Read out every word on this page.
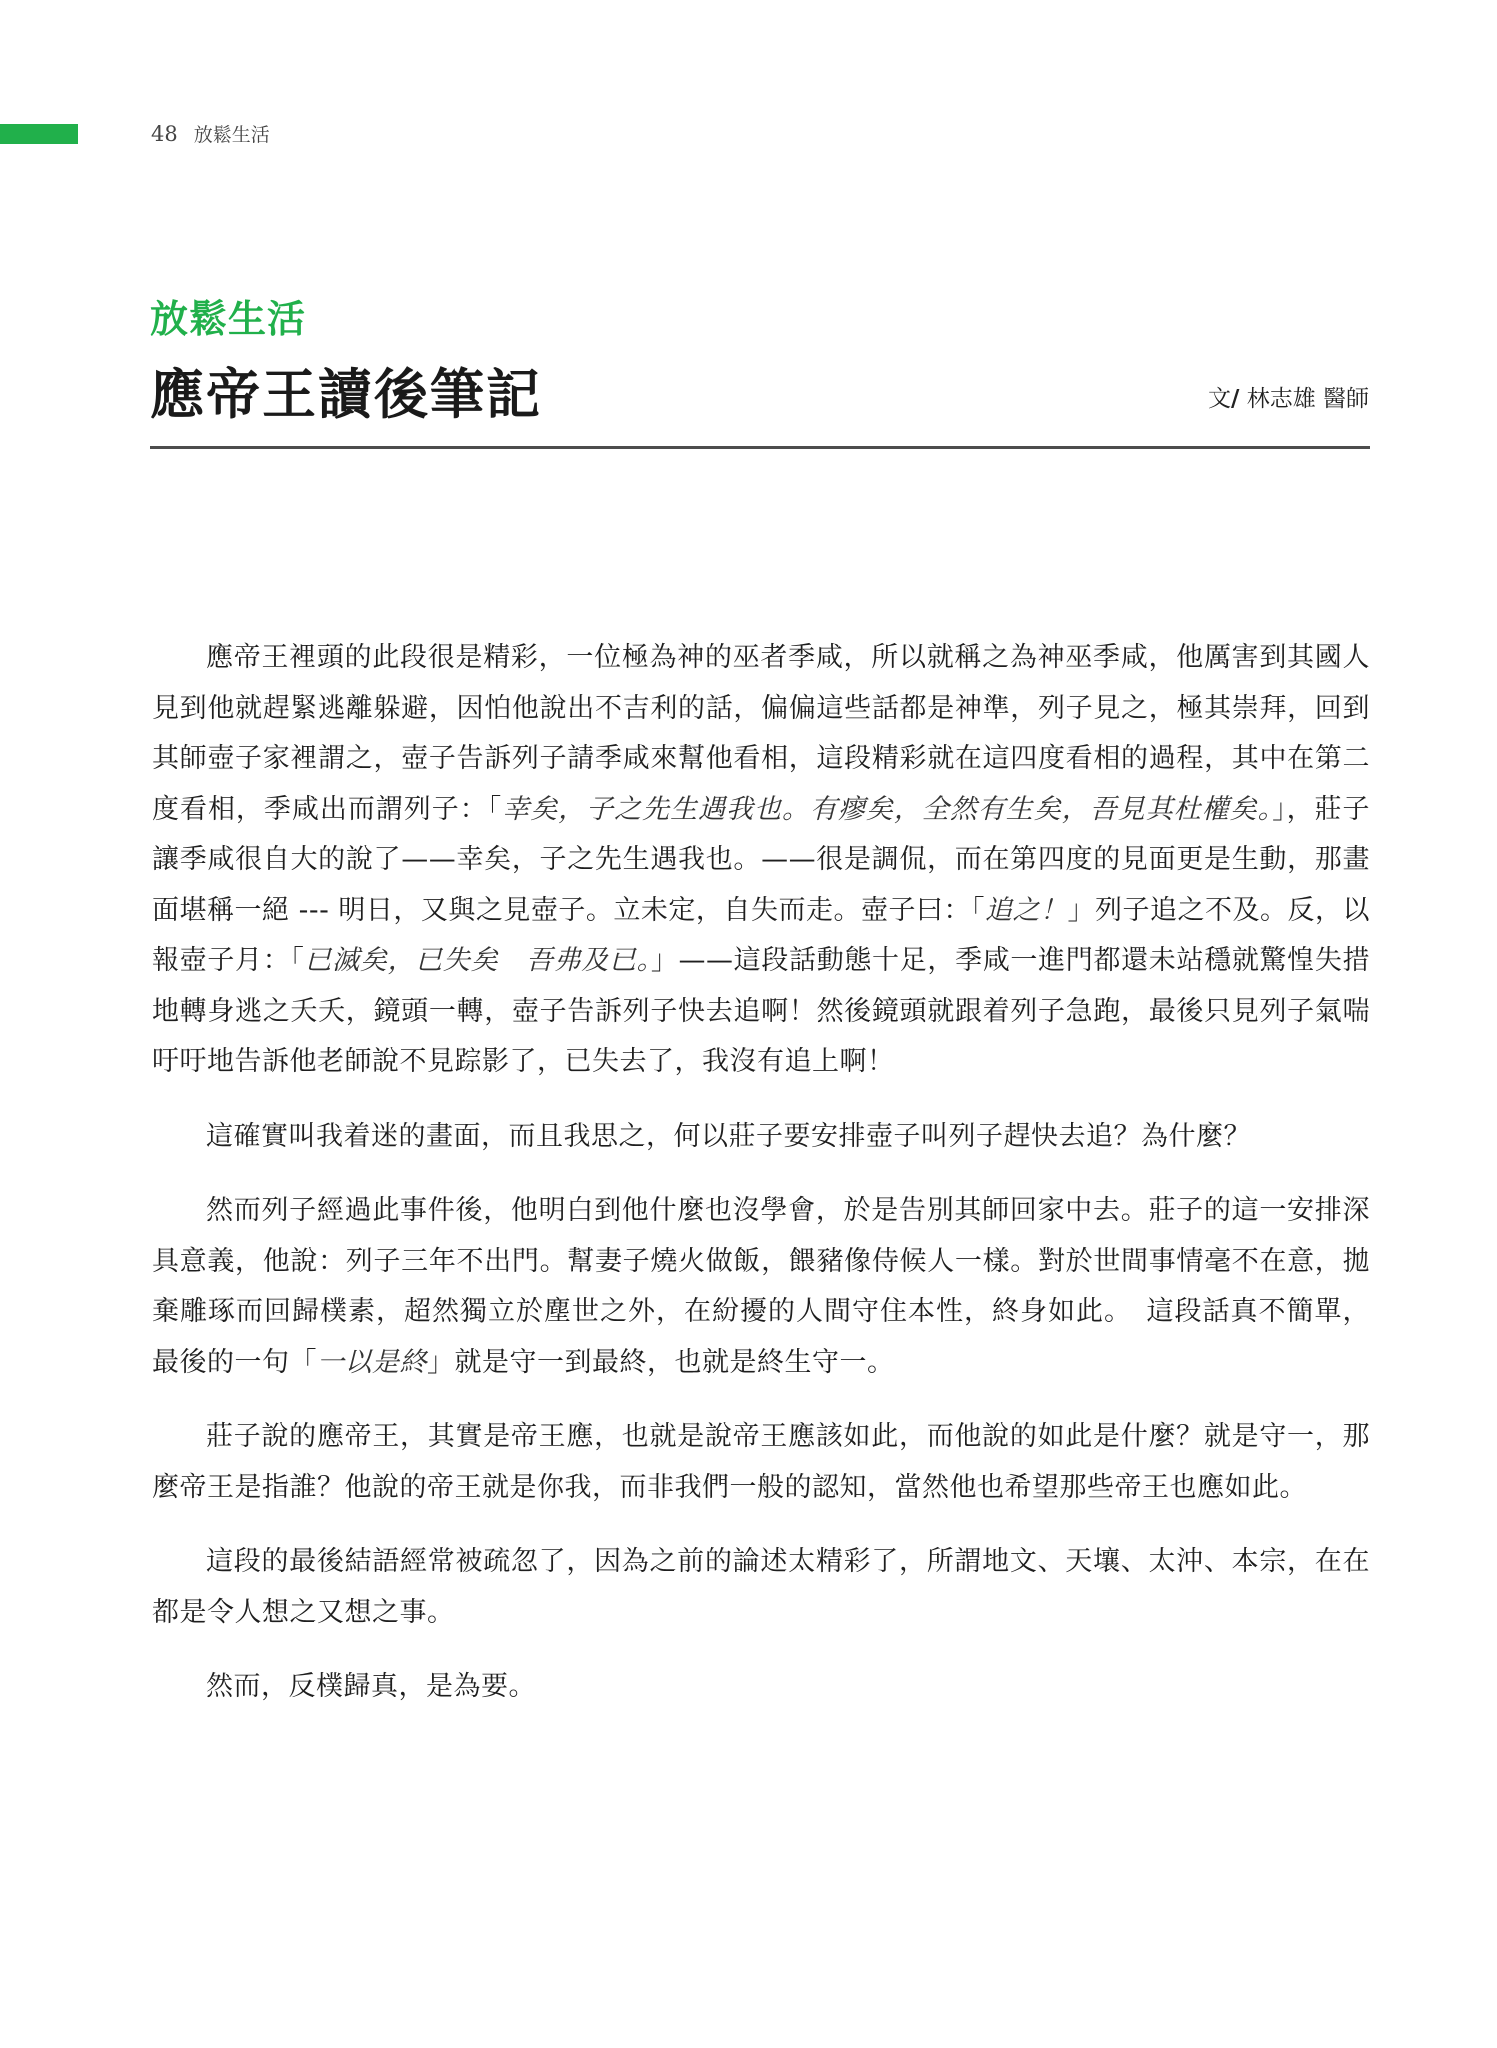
48 放鬆生活
放鬆生活
應帝王讀後筆記	文/ 林志雄 醫師

應帝王裡頭的此段很是精彩，一位極為神的巫者季咸，所以就稱之為神巫季咸，他厲害到其國人見到他就趕緊逃離躲避，因怕他說出不吉利的話，偏偏這些話都是神準，列子見之，極其崇拜，回到其師壺子家裡謂之，壺子告訴列子請季咸來幫他看相，這段精彩就在這四度看相的過程，其中在第二度看相，季咸出而謂列子：「幸矣，子之先生遇我也。有瘳矣，全然有生矣，吾見其杜權矣。」，莊子讓季咸很自大的說了——幸矣，子之先生遇我也。——很是調侃，而在第四度的見面更是生動，那畫面堪稱一絕 --- 明日，又與之見壺子。立未定，自失而走。壺子曰：「追之！」列子追之不及。反，以報壺子月：「已滅矣，已失矣　吾弗及已。」——這段話動態十足，季咸一進門都還未站穩就驚惶失措地轉身逃之夭夭，鏡頭一轉，壺子告訴列子快去追啊！然後鏡頭就跟着列子急跑，最後只見列子氣喘吁吁地告訴他老師說不見踪影了，已失去了，我沒有追上啊！

這確實叫我着迷的畫面，而且我思之，何以莊子要安排壺子叫列子趕快去追？為什麼？

然而列子經過此事件後，他明白到他什麼也沒學會，於是告別其師回家中去。莊子的這一安排深具意義，他說：列子三年不出門。幫妻子燒火做飯，餵豬像侍候人一樣。對於世間事情毫不在意，拋棄雕琢而回歸樸素，超然獨立於塵世之外，在紛擾的人間守住本性，終身如此。　這段話真不簡單，最後的一句「一以是終」就是守一到最終，也就是終生守一。

莊子說的應帝王，其實是帝王應，也就是說帝王應該如此，而他說的如此是什麼？就是守一，那麼帝王是指誰？他說的帝王就是你我，而非我們一般的認知，當然他也希望那些帝王也應如此。

這段的最後結語經常被疏忽了，因為之前的論述太精彩了，所謂地文、天壤、太沖、本宗，在在都是令人想之又想之事。

然而，反樸歸真，是為要。
